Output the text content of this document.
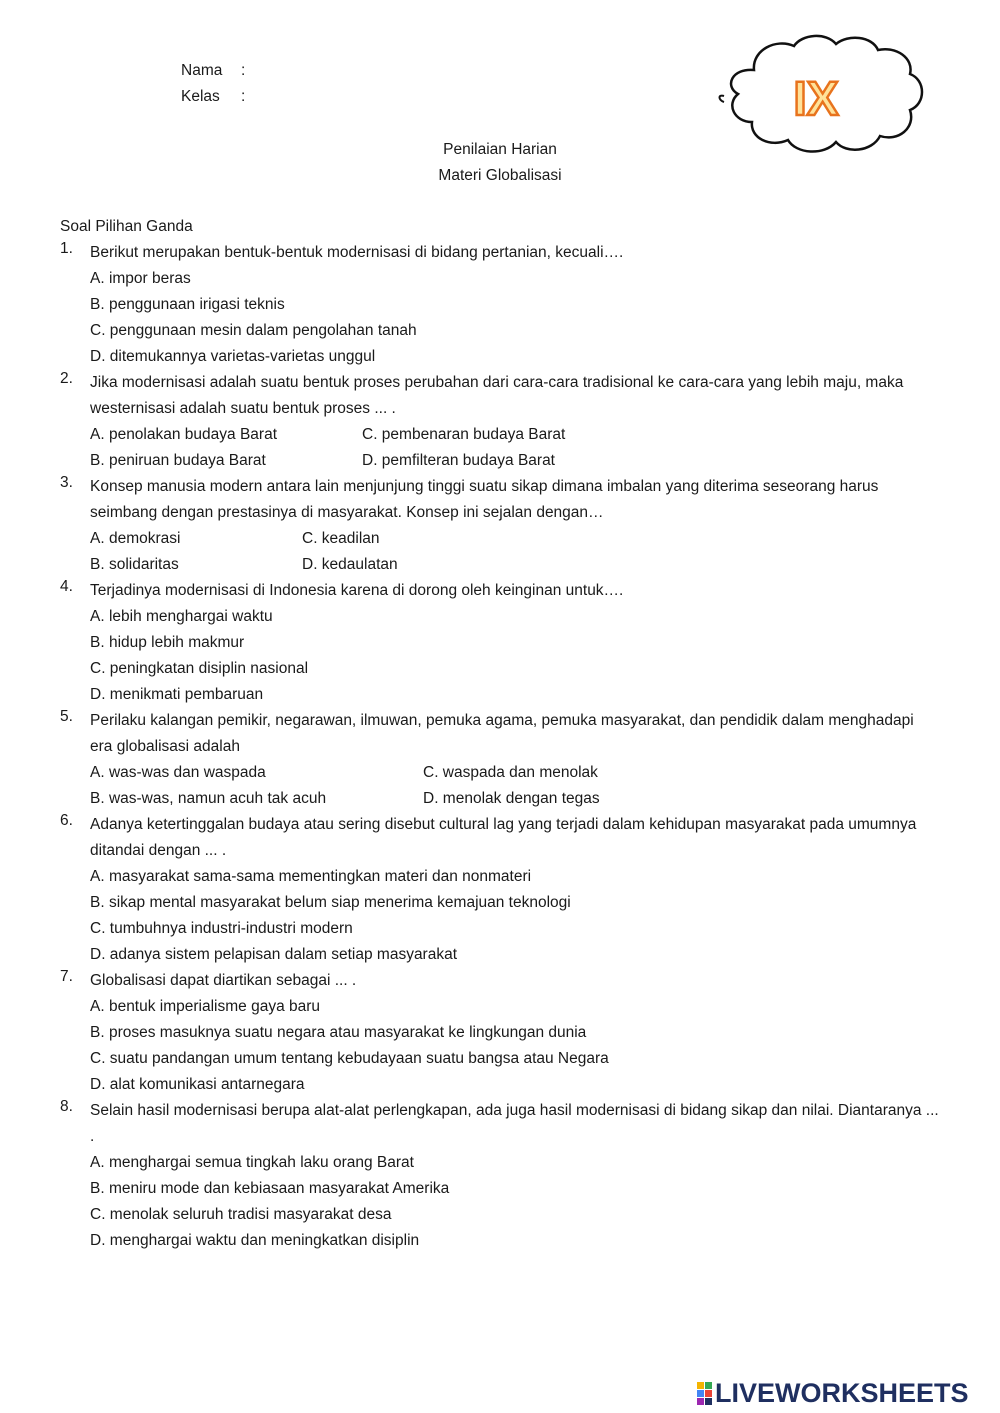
Nama :
Kelas :	IX
Penilaian Harian
Materi Globalisasi
Soal Pilihan Ganda
1.	Berikut merupakan bentuk-bentuk modernisasi di bidang pertanian, kecuali….
A. impor beras
B. penggunaan irigasi teknis
C. penggunaan mesin dalam pengolahan tanah
D. ditemukannya varietas-varietas unggul
2.	Jika modernisasi adalah suatu bentuk proses perubahan dari cara-cara tradisional ke cara-cara yang lebih maju, maka westernisasi adalah suatu bentuk proses ... .
A. penolakan budaya Barat	C. pembenaran budaya Barat
B. peniruan budaya Barat	D. pemfilteran budaya Barat
3.	Konsep manusia modern antara lain menjunjung tinggi suatu sikap dimana imbalan yang diterima seseorang harus seimbang dengan prestasinya di masyarakat. Konsep ini sejalan dengan…
A. demokrasi	C. keadilan
B. solidaritas	D. kedaulatan
4.	Terjadinya modernisasi di Indonesia karena di dorong oleh keinginan untuk….
A. lebih menghargai waktu
B. hidup lebih makmur
C. peningkatan disiplin nasional
D. menikmati pembaruan
5.	Perilaku kalangan pemikir, negarawan, ilmuwan, pemuka agama, pemuka masyarakat, dan pendidik dalam menghadapi era globalisasi adalah
A. was-was dan waspada	C. waspada dan menolak
B. was-was, namun acuh tak acuh	D. menolak dengan tegas
6.	Adanya ketertinggalan budaya atau sering disebut cultural lag yang terjadi dalam kehidupan masyarakat pada umumnya ditandai dengan ... .
A. masyarakat sama-sama mementingkan materi dan nonmateri
B. sikap mental masyarakat belum siap menerima kemajuan teknologi
C. tumbuhnya industri-industri modern
D. adanya sistem pelapisan dalam setiap masyarakat
7.	Globalisasi dapat diartikan sebagai ... .
A. bentuk imperialisme gaya baru
B. proses masuknya suatu negara atau masyarakat ke lingkungan dunia
C. suatu pandangan umum tentang kebudayaan suatu bangsa atau Negara
D. alat komunikasi antarnegara
8.	Selain hasil modernisasi berupa alat-alat perlengkapan, ada juga hasil modernisasi di bidang sikap dan nilai. Diantaranya ... .
A. menghargai semua tingkah laku orang Barat
B. meniru mode dan kebiasaan masyarakat Amerika
C. menolak seluruh tradisi masyarakat desa
D. menghargai waktu dan meningkatkan disiplin
LIVEWORKSHEETS
